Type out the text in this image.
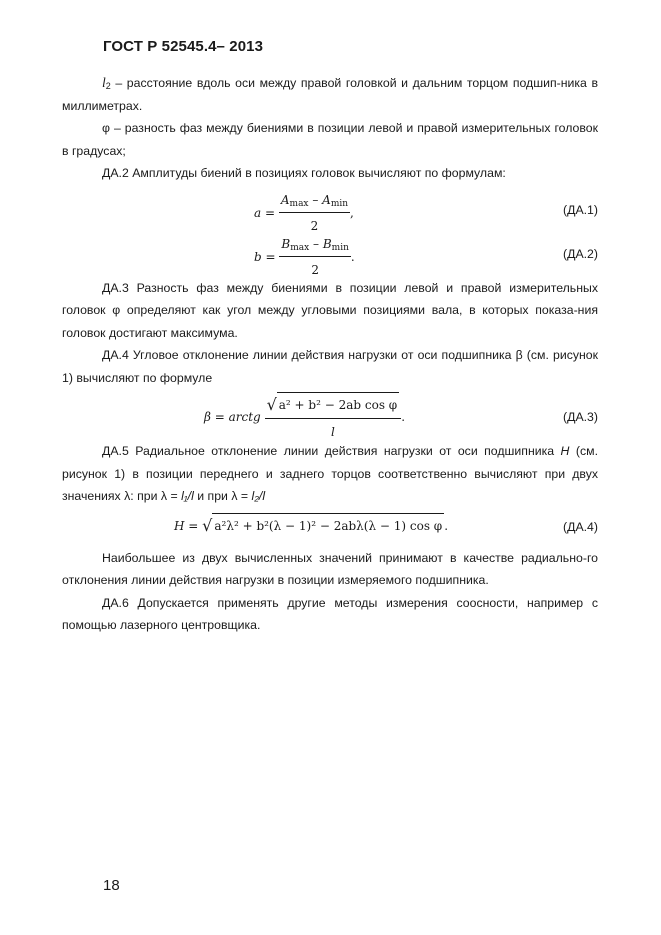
ГОСТ Р 52545.4– 2013

$l_2$ – расстояние вдоль оси между правой головкой и дальним торцом подшип-ника в миллиметрах.

φ – разность фаз между биениями в позиции левой и правой измерительных головок в градусах;

ДА.2 Амплитуды биений в позициях головок вычисляют по формулам:

a =
$A_{max} - A_{min}$
2
,	(ДА.1)
b =
$B_{max} - B_{min}$
2
.	(ДА.2)

ДА.3 Разность фаз между биениями в позиции левой и правой измерительных головок φ определяют как угол между угловыми позициями вала, в которых показа-ния головок достигают максимума.

ДА.4 Угловое отклонение линии действия нагрузки от оси подшипника β (см. рисунок 1) вычисляют по формуле

β = arctg $\frac{\text{√ a² + b² − 2ab cos φ}}{l}$ .	(ДА.3)

ДА.5 Радиальное отклонение линии действия нагрузки от оси подшипника H (см. рисунок 1) в позиции переднего и заднего торцов соответственно вычисляют при двух значениях λ: при λ = l₁/l и при λ = l₂/l

H = √ a²λ² + b²(λ − 1)² − 2abλ(λ − 1) cos φ .	(ДА.4)

Наибольшее из двух вычисленных значений принимают в качестве радиально-го отклонения линии действия нагрузки в позиции измеряемого подшипника.

ДА.6 Допускается применять другие методы измерения соосности, например с помощью лазерного центровщика.

18
